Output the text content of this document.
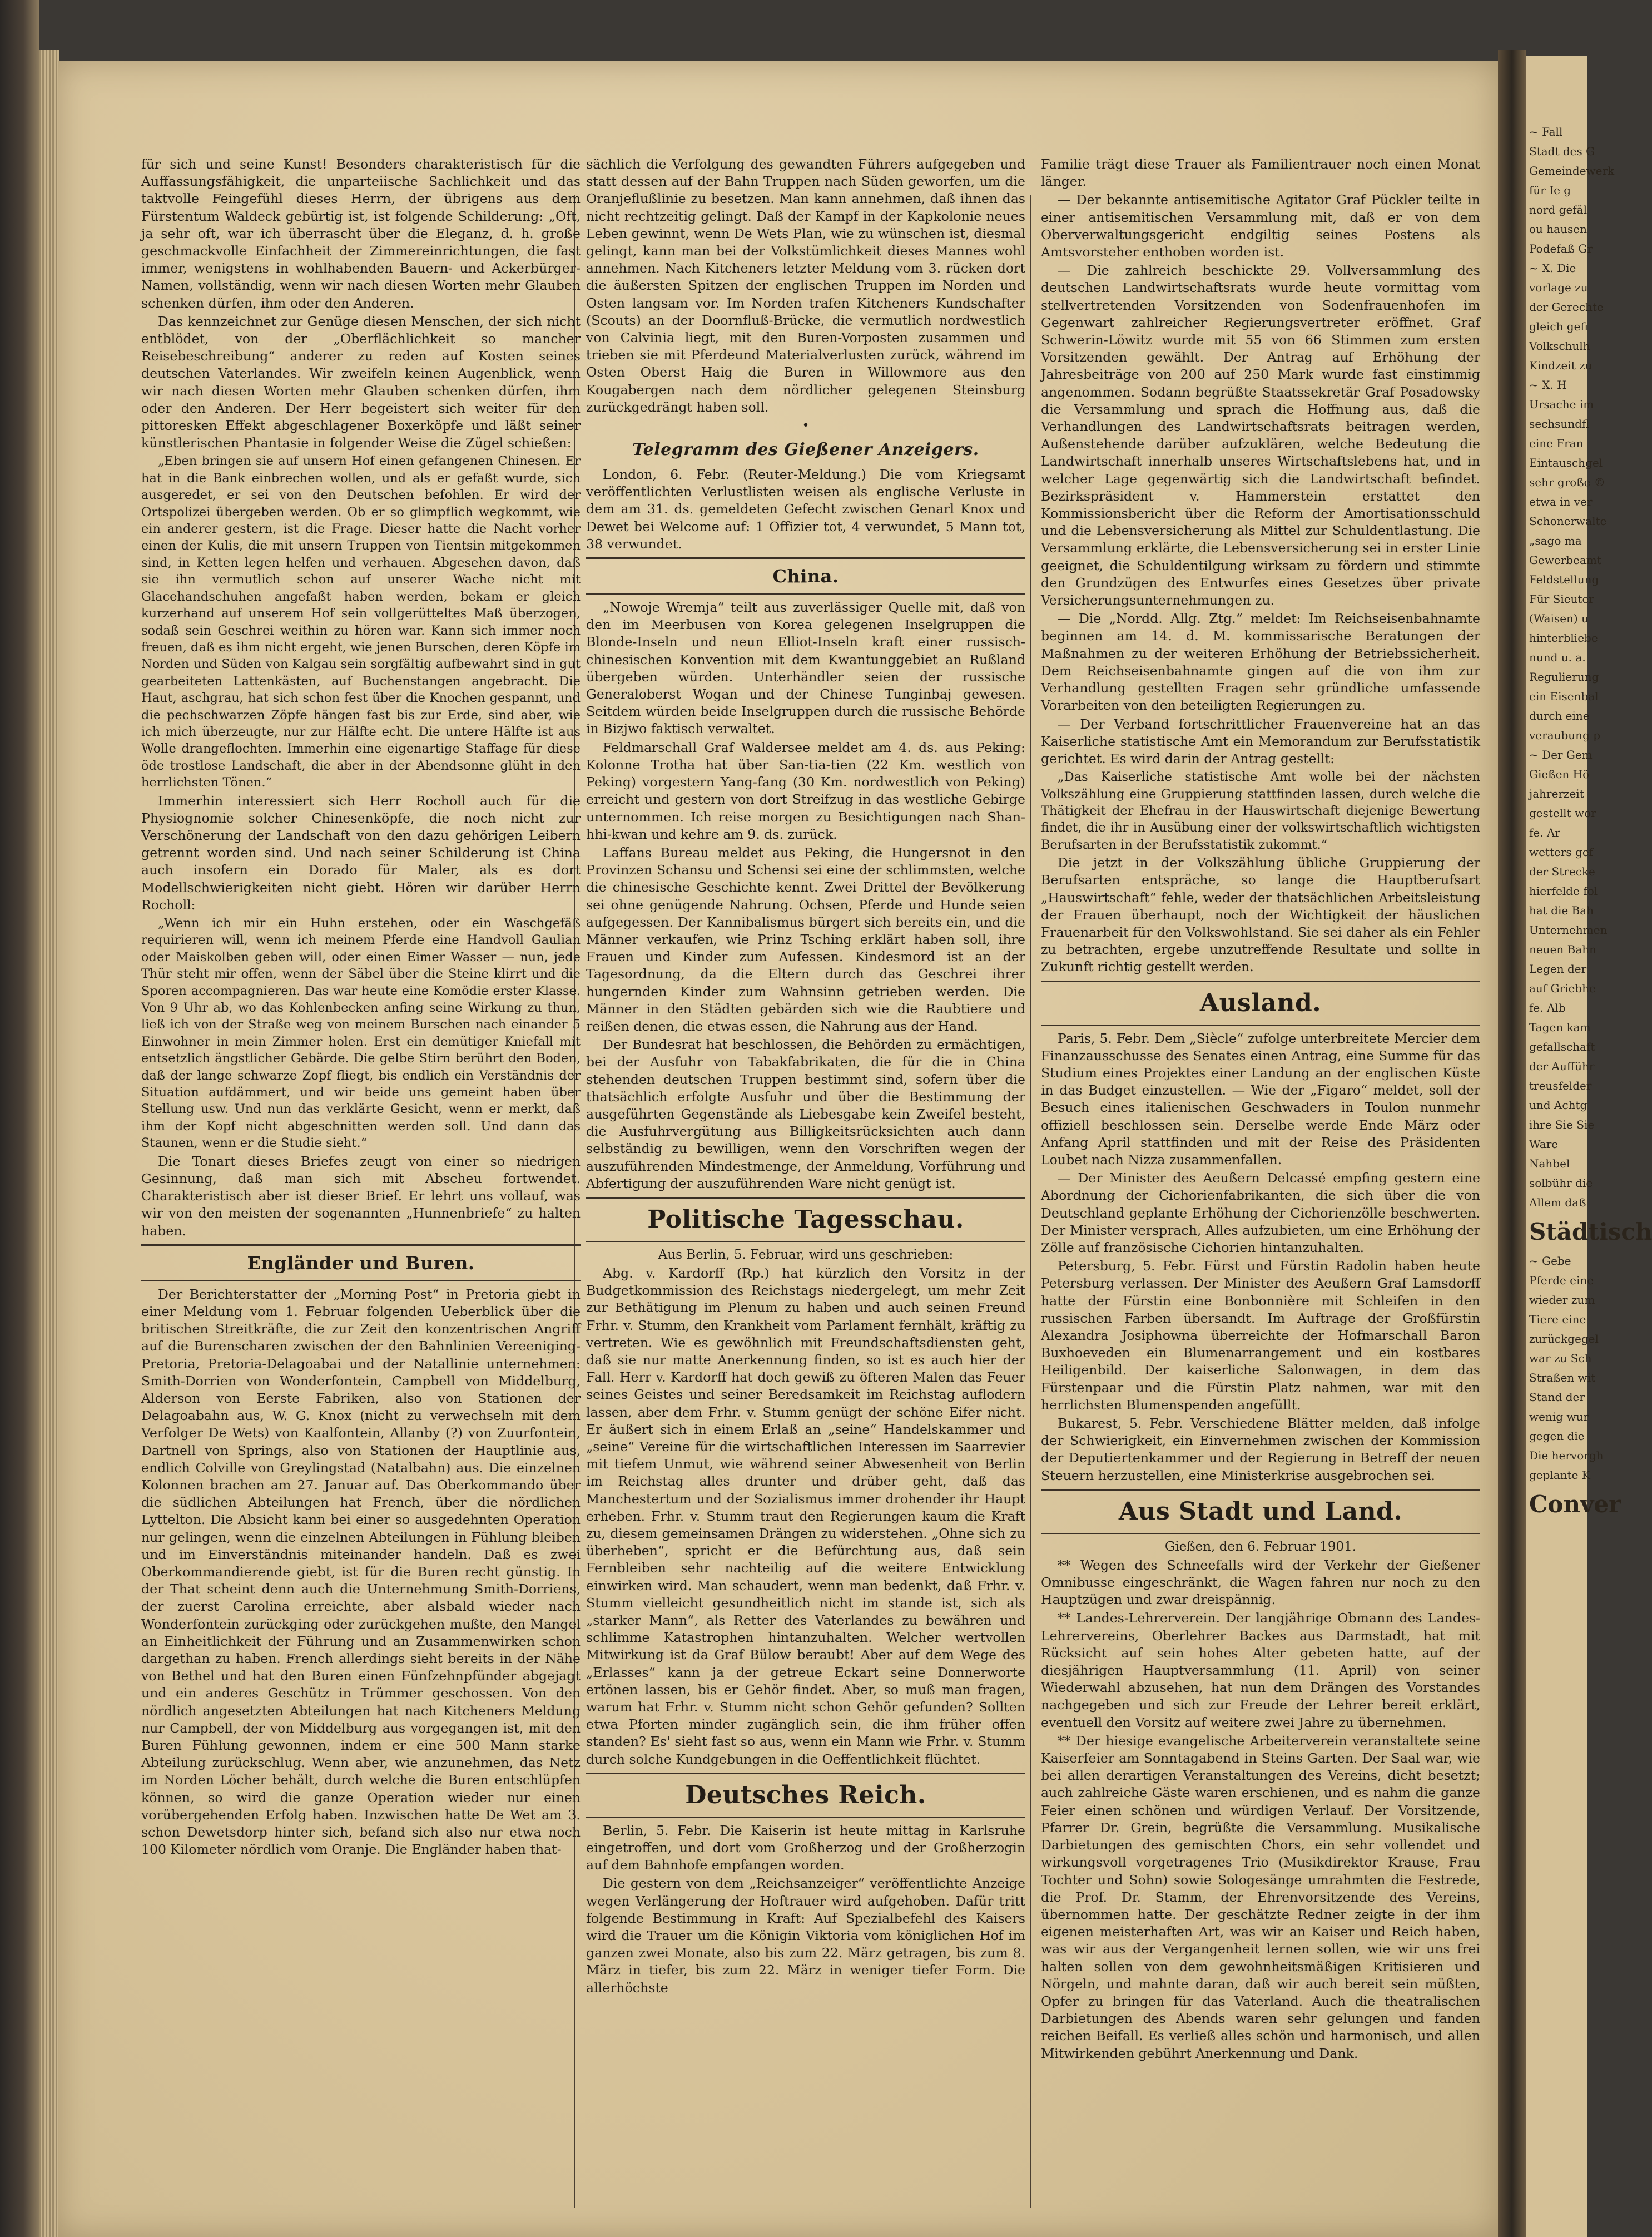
für sich und seine Kunst! Besonders charakteristisch für die Auffassungsfähigkeit, die unparteiische Sachlichkeit und das taktvolle Feingefühl dieses Herrn, der übrigens aus dem Fürstentum Waldeck gebürtig ist, ist folgende Schilderung: „Oft, ja sehr oft, war ich überrascht über die Eleganz, d. h. große geschmackvolle Einfachheit der Zimmereinrichtungen, die fast immer, wenigstens in wohlhabenden Bauern- und Ackerbürger-Namen, vollständig, wenn wir nach diesen Worten mehr Glauben schenken dürfen, ihm oder den Anderen.

Das kennzeichnet zur Genüge diesen Menschen, der sich nicht entblödet, von der „Oberflächlichkeit so mancher Reisebeschreibung“ anderer zu reden auf Kosten seines deutschen Vaterlandes. Wir zweifeln keinen Augenblick, wenn wir nach diesen Worten mehr Glauben schenken dürfen, ihm oder den Anderen. Der Herr begeistert sich weiter für den pittoresken Effekt abgeschlagener Boxerköpfe und läßt seiner künstlerischen Phantasie in folgender Weise die Zügel schießen:

„Eben bringen sie auf unsern Hof einen gefangenen Chinesen. Er hat in die Bank einbrechen wollen, und als er gefaßt wurde, sich ausgeredet, er sei von den Deutschen befohlen. Er wird der Ortspolizei übergeben werden. Ob er so glimpflich wegkommt, wie ein anderer gestern, ist die Frage. Dieser hatte die Nacht vorher einen der Kulis, die mit unsern Truppen von Tientsin mitgekommen sind, in Ketten legen helfen und verhauen. Abgesehen davon, daß sie ihn vermutlich schon auf unserer Wache nicht mit Glacehandschuhen angefaßt haben werden, bekam er gleich kurzerhand auf unserem Hof sein vollgerütteltes Maß überzogen, sodaß sein Geschrei weithin zu hören war. Kann sich immer noch freuen, daß es ihm nicht ergeht, wie jenen Burschen, deren Köpfe im Norden und Süden von Kalgau sein sorgfältig aufbewahrt sind in gut gearbeiteten Lattenkästen, auf Buchenstangen angebracht. Die Haut, aschgrau, hat sich schon fest über die Knochen gespannt, und die pechschwarzen Zöpfe hängen fast bis zur Erde, sind aber, wie ich mich überzeugte, nur zur Hälfte echt. Die untere Hälfte ist aus Wolle drangeflochten. Immerhin eine eigenartige Staffage für diese öde trostlose Landschaft, die aber in der Abendsonne glüht in den herrlichsten Tönen.“

Immerhin interessiert sich Herr Rocholl auch für die Physiognomie solcher Chinesenköpfe, die noch nicht zur Verschönerung der Landschaft von den dazu gehörigen Leibern getrennt worden sind. Und nach seiner Schilderung ist China auch insofern ein Dorado für Maler, als es dort Modellschwierigkeiten nicht giebt. Hören wir darüber Herrn Rocholl:

„Wenn ich mir ein Huhn erstehen, oder ein Waschgefäß requirieren will, wenn ich meinem Pferde eine Handvoll Gaulian oder Maiskolben geben will, oder einen Eimer Wasser — nun, jede Thür steht mir offen, wenn der Säbel über die Steine klirrt und die Sporen accompagnieren. Das war heute eine Komödie erster Klasse. Von 9 Uhr ab, wo das Kohlenbecken anfing seine Wirkung zu thun, ließ ich von der Straße weg von meinem Burschen nach einander 5 Einwohner in mein Zimmer holen. Erst ein demütiger Kniefall mit entsetzlich ängstlicher Gebärde. Die gelbe Stirn berührt den Boden, daß der lange schwarze Zopf fliegt, bis endlich ein Verständnis der Situation aufdämmert, und wir beide uns gemeint haben über Stellung usw. Und nun das verklärte Gesicht, wenn er merkt, daß ihm der Kopf nicht abgeschnitten werden soll. Und dann das Staunen, wenn er die Studie sieht.“

Die Tonart dieses Briefes zeugt von einer so niedrigen Gesinnung, daß man sich mit Abscheu fortwendet. Charakteristisch aber ist dieser Brief. Er lehrt uns vollauf, was wir von den meisten der sogenannten „Hunnenbriefe“ zu halten haben.

Engländer und Buren.

Der Berichterstatter der „Morning Post“ in Pretoria giebt in einer Meldung vom 1. Februar folgenden Ueberblick über die britischen Streitkräfte, die zur Zeit den konzentrischen Angriff auf die Burenscharen zwischen der den Bahnlinien Vereeniging-Pretoria, Pretoria-Delagoabai und der Natallinie unternehmen: Smith-Dorrien von Wonderfontein, Campbell von Middelburg, Alderson von Eerste Fabriken, also von Stationen der Delagoabahn aus, W. G. Knox (nicht zu verwechseln mit dem Verfolger De Wets) von Kaalfontein, Allanby (?) von Zuurfontein, Dartnell von Springs, also von Stationen der Hauptlinie aus, endlich Colville von Greylingstad (Natalbahn) aus. Die einzelnen Kolonnen brachen am 27. Januar auf. Das Oberkommando über die südlichen Abteilungen hat French, über die nördlichen Lyttelton. Die Absicht kann bei einer so ausgedehnten Operation nur gelingen, wenn die einzelnen Abteilungen in Fühlung bleiben und im Einverständnis miteinander handeln. Daß es zwei Oberkommandierende giebt, ist für die Buren recht günstig. In der That scheint denn auch die Unternehmung Smith-Dorriens, der zuerst Carolina erreichte, aber alsbald wieder nach Wonderfontein zurückging oder zurückgehen mußte, den Mangel an Einheitlichkeit der Führung und an Zusammenwirken schon dargethan zu haben. French allerdings sieht bereits in der Nähe von Bethel und hat den Buren einen Fünfzehnpfünder abgejagt und ein anderes Geschütz in Trümmer geschossen. Von den nördlich angesetzten Abteilungen hat nach Kitcheners Meldung nur Campbell, der von Middelburg aus vorgegangen ist, mit den Buren Fühlung gewonnen, indem er eine 500 Mann starke Abteilung zurückschlug. Wenn aber, wie anzunehmen, das Netz im Norden Löcher behält, durch welche die Buren entschlüpfen können, so wird die ganze Operation wieder nur einen vorübergehenden Erfolg haben. Inzwischen hatte De Wet am 3. schon Dewetsdorp hinter sich, befand sich also nur etwa noch 100 Kilometer nördlich vom Oranje. Die Engländer haben that-

sächlich die Verfolgung des gewandten Führers aufgegeben und statt dessen auf der Bahn Truppen nach Süden geworfen, um die Oranjeflußlinie zu besetzen. Man kann annehmen, daß ihnen das nicht rechtzeitig gelingt. Daß der Kampf in der Kapkolonie neues Leben gewinnt, wenn De Wets Plan, wie zu wünschen ist, diesmal gelingt, kann man bei der Volkstümlichkeit dieses Mannes wohl annehmen. Nach Kitcheners letzter Meldung vom 3. rücken dort die äußersten Spitzen der englischen Truppen im Norden und Osten langsam vor. Im Norden trafen Kitcheners Kundschafter (Scouts) an der Doornfluß-Brücke, die vermutlich nordwestlich von Calvinia liegt, mit den Buren-Vorposten zusammen und trieben sie mit Pferdeund Materialverlusten zurück, während im Osten Oberst Haig die Buren in Willowmore aus den Kougabergen nach dem nördlicher gelegenen Steinsburg zurückgedrängt haben soll.

•
Telegramm des Gießener Anzeigers.

London, 6. Febr. (Reuter-Meldung.) Die vom Kriegsamt veröffentlichten Verlustlisten weisen als englische Verluste in dem am 31. ds. gemeldeten Gefecht zwischen Genarl Knox und Dewet bei Welcome auf: 1 Offizier tot, 4 verwundet, 5 Mann tot, 38 verwundet.

China.

„Nowoje Wremja“ teilt aus zuverlässiger Quelle mit, daß von den im Meerbusen von Korea gelegenen Inselgruppen die Blonde-Inseln und neun Elliot-Inseln kraft einer russisch-chinesischen Konvention mit dem Kwantunggebiet an Rußland übergeben würden. Unterhändler seien der russische Generaloberst Wogan und der Chinese Tunginbaj gewesen. Seitdem würden beide Inselgruppen durch die russische Behörde in Bizjwo faktisch verwaltet.

Feldmarschall Graf Waldersee meldet am 4. ds. aus Peking: Kolonne Trotha hat über San-tia-tien (22 Km. westlich von Peking) vorgestern Yang-fang (30 Km. nordwestlich von Peking) erreicht und gestern von dort Streifzug in das westliche Gebirge unternommen. Ich reise morgen zu Besichtigungen nach Shan-hhi-kwan und kehre am 9. ds. zurück.

Laffans Bureau meldet aus Peking, die Hungersnot in den Provinzen Schansu und Schensi sei eine der schlimmsten, welche die chinesische Geschichte kennt. Zwei Drittel der Bevölkerung sei ohne genügende Nahrung. Ochsen, Pferde und Hunde seien aufgegessen. Der Kannibalismus bürgert sich bereits ein, und die Männer verkaufen, wie Prinz Tsching erklärt haben soll, ihre Frauen und Kinder zum Aufessen. Kindesmord ist an der Tagesordnung, da die Eltern durch das Geschrei ihrer hungernden Kinder zum Wahnsinn getrieben werden. Die Männer in den Städten gebärden sich wie die Raubtiere und reißen denen, die etwas essen, die Nahrung aus der Hand.

Der Bundesrat hat beschlossen, die Behörden zu ermächtigen, bei der Ausfuhr von Tabakfabrikaten, die für die in China stehenden deutschen Truppen bestimmt sind, sofern über die thatsächlich erfolgte Ausfuhr und über die Bestimmung der ausgeführten Gegenstände als Liebesgabe kein Zweifel besteht, die Ausfuhrvergütung aus Billigkeitsrücksichten auch dann selbständig zu bewilligen, wenn den Vorschriften wegen der auszuführenden Mindestmenge, der Anmeldung, Vorführung und Abfertigung der auszuführenden Ware nicht genügt ist.

Politische Tagesschau.
Aus Berlin, 5. Februar, wird uns geschrieben:

Abg. v. Kardorff (Rp.) hat kürzlich den Vorsitz in der Budgetkommission des Reichstags niedergelegt, um mehr Zeit zur Bethätigung im Plenum zu haben und auch seinen Freund Frhr. v. Stumm, den Krankheit vom Parlament fernhält, kräftig zu vertreten. Wie es gewöhnlich mit Freundschaftsdiensten geht, daß sie nur matte Anerkennung finden, so ist es auch hier der Fall. Herr v. Kardorff hat doch gewiß zu öfteren Malen das Feuer seines Geistes und seiner Beredsamkeit im Reichstag auflodern lassen, aber dem Frhr. v. Stumm genügt der schöne Eifer nicht. Er äußert sich in einem Erlaß an „seine“ Handelskammer und „seine“ Vereine für die wirtschaftlichen Interessen im Saarrevier mit tiefem Unmut, wie während seiner Abwesenheit von Berlin im Reichstag alles drunter und drüber geht, daß das Manchestertum und der Sozialismus immer drohender ihr Haupt erheben. Frhr. v. Stumm traut den Regierungen kaum die Kraft zu, diesem gemeinsamen Drängen zu widerstehen. „Ohne sich zu überheben“, spricht er die Befürchtung aus, daß sein Fernbleiben sehr nachteilig auf die weitere Entwicklung einwirken wird. Man schaudert, wenn man bedenkt, daß Frhr. v. Stumm vielleicht gesundheitlich nicht im stande ist, sich als „starker Mann“, als Retter des Vaterlandes zu bewähren und schlimme Katastrophen hintanzuhalten. Welcher wertvollen Mitwirkung ist da Graf Bülow beraubt! Aber auf dem Wege des „Erlasses“ kann ja der getreue Eckart seine Donnerworte ertönen lassen, bis er Gehör findet. Aber, so muß man fragen, warum hat Frhr. v. Stumm nicht schon Gehör gefunden? Sollten etwa Pforten minder zugänglich sein, die ihm früher offen standen? Es' sieht fast so aus, wenn ein Mann wie Frhr. v. Stumm durch solche Kundgebungen in die Oeffentlichkeit flüchtet.

Deutsches Reich.

Berlin, 5. Febr. Die Kaiserin ist heute mittag in Karlsruhe eingetroffen, und dort vom Großherzog und der Großherzogin auf dem Bahnhofe empfangen worden.

Die gestern von dem „Reichsanzeiger“ veröffentlichte Anzeige wegen Verlängerung der Hoftrauer wird aufgehoben. Dafür tritt folgende Bestimmung in Kraft: Auf Spezialbefehl des Kaisers wird die Trauer um die Königin Viktoria vom königlichen Hof im ganzen zwei Monate, also bis zum 22. März getragen, bis zum 8. März in tiefer, bis zum 22. März in weniger tiefer Form. Die allerhöchste

Familie trägt diese Trauer als Familientrauer noch einen Monat länger.

— Der bekannte antisemitische Agitator Graf Pückler teilte in einer antisemitischen Versammlung mit, daß er von dem Oberverwaltungsgericht endgiltig seines Postens als Amtsvorsteher enthoben worden ist.

— Die zahlreich beschickte 29. Vollversammlung des deutschen Landwirtschaftsrats wurde heute vormittag vom stellvertretenden Vorsitzenden von Sodenfrauenhofen im Gegenwart zahlreicher Regierungsvertreter eröffnet. Graf Schwerin-Löwitz wurde mit 55 von 66 Stimmen zum ersten Vorsitzenden gewählt. Der Antrag auf Erhöhung der Jahresbeiträge von 200 auf 250 Mark wurde fast einstimmig angenommen. Sodann begrüßte Staatssekretär Graf Posadowsky die Versammlung und sprach die Hoffnung aus, daß die Verhandlungen des Landwirtschaftsrats beitragen werden, Außenstehende darüber aufzuklären, welche Bedeutung die Landwirtschaft innerhalb unseres Wirtschaftslebens hat, und in welcher Lage gegenwärtig sich die Landwirtschaft befindet. Bezirkspräsident v. Hammerstein erstattet den Kommissionsbericht über die Reform der Amortisationsschuld und die Lebensversicherung als Mittel zur Schuldentlastung. Die Versammlung erklärte, die Lebensversicherung sei in erster Linie geeignet, die Schuldentilgung wirksam zu fördern und stimmte den Grundzügen des Entwurfes eines Gesetzes über private Versicherungsunternehmungen zu.

— Die „Nordd. Allg. Ztg.“ meldet: Im Reichseisenbahnamte beginnen am 14. d. M. kommissarische Beratungen der Maßnahmen zu der weiteren Erhöhung der Betriebssicherheit. Dem Reichseisenbahnamte gingen auf die von ihm zur Verhandlung gestellten Fragen sehr gründliche umfassende Vorarbeiten von den beteiligten Regierungen zu.

— Der Verband fortschrittlicher Frauenvereine hat an das Kaiserliche statistische Amt ein Memorandum zur Berufsstatistik gerichtet. Es wird darin der Antrag gestellt:

„Das Kaiserliche statistische Amt wolle bei der nächsten Volkszählung eine Gruppierung stattfinden lassen, durch welche die Thätigkeit der Ehefrau in der Hauswirtschaft diejenige Bewertung findet, die ihr in Ausübung einer der volkswirtschaftlich wichtigsten Berufsarten in der Berufsstatistik zukommt.“

Die jetzt in der Volkszählung übliche Gruppierung der Berufsarten entspräche, so lange die Hauptberufsart „Hauswirtschaft“ fehle, weder der thatsächlichen Arbeitsleistung der Frauen überhaupt, noch der Wichtigkeit der häuslichen Frauenarbeit für den Volkswohlstand. Sie sei daher als ein Fehler zu betrachten, ergebe unzutreffende Resultate und sollte in Zukunft richtig gestellt werden.

Ausland.

Paris, 5. Febr. Dem „Siècle“ zufolge unterbreitete Mercier dem Finanzausschusse des Senates einen Antrag, eine Summe für das Studium eines Projektes einer Landung an der englischen Küste in das Budget einzustellen. — Wie der „Figaro“ meldet, soll der Besuch eines italienischen Geschwaders in Toulon nunmehr offiziell beschlossen sein. Derselbe werde Ende März oder Anfang April stattfinden und mit der Reise des Präsidenten Loubet nach Nizza zusammenfallen.

— Der Minister des Aeußern Delcassé empfing gestern eine Abordnung der Cichorienfabrikanten, die sich über die von Deutschland geplante Erhöhung der Cichorienzölle beschwerten. Der Minister versprach, Alles aufzubieten, um eine Erhöhung der Zölle auf französische Cichorien hintanzuhalten.

Petersburg, 5. Febr. Fürst und Fürstin Radolin haben heute Petersburg verlassen. Der Minister des Aeußern Graf Lamsdorff hatte der Fürstin eine Bonbonnière mit Schleifen in den russischen Farben übersandt. Im Auftrage der Großfürstin Alexandra Josiphowna überreichte der Hofmarschall Baron Buxhoeveden ein Blumenarrangement und ein kostbares Heiligenbild. Der kaiserliche Salonwagen, in dem das Fürstenpaar und die Fürstin Platz nahmen, war mit den herrlichsten Blumenspenden angefüllt.

Bukarest, 5. Febr. Verschiedene Blätter melden, daß infolge der Schwierigkeit, ein Einvernehmen zwischen der Kommission der Deputiertenkammer und der Regierung in Betreff der neuen Steuern herzustellen, eine Ministerkrise ausgebrochen sei.

Aus Stadt und Land.
Gießen, den 6. Februar 1901.

** Wegen des Schneefalls wird der Verkehr der Gießener Omnibusse eingeschränkt, die Wagen fahren nur noch zu den Hauptzügen und zwar dreispännig.

** Landes-Lehrerverein. Der langjährige Obmann des Landes-Lehrervereins, Oberlehrer Backes aus Darmstadt, hat mit Rücksicht auf sein hohes Alter gebeten hatte, auf der diesjährigen Hauptversammlung (11. April) von seiner Wiederwahl abzusehen, hat nun dem Drängen des Vorstandes nachgegeben und sich zur Freude der Lehrer bereit erklärt, eventuell den Vorsitz auf weitere zwei Jahre zu übernehmen.

** Der hiesige evangelische Arbeiterverein veranstaltete seine Kaiserfeier am Sonntagabend in Steins Garten. Der Saal war, wie bei allen derartigen Veranstaltungen des Vereins, dicht besetzt; auch zahlreiche Gäste waren erschienen, und es nahm die ganze Feier einen schönen und würdigen Verlauf. Der Vorsitzende, Pfarrer Dr. Grein, begrüßte die Versammlung. Musikalische Darbietungen des gemischten Chors, ein sehr vollendet und wirkungsvoll vorgetragenes Trio (Musikdirektor Krause, Frau Tochter und Sohn) sowie Sologesänge umrahmten die Festrede, die Prof. Dr. Stamm, der Ehrenvorsitzende des Vereins, übernommen hatte. Der geschätzte Redner zeigte in der ihm eigenen meisterhaften Art, was wir an Kaiser und Reich haben, was wir aus der Vergangenheit lernen sollen, wie wir uns frei halten sollen von dem gewohnheitsmäßigen Kritisieren und Nörgeln, und mahnte daran, daß wir auch bereit sein müßten, Opfer zu bringen für das Vaterland. Auch die theatralischen Darbietungen des Abends waren sehr gelungen und fanden reichen Beifall. Es verließ alles schön und harmonisch, und allen Mitwirkenden gebührt Anerkennung und Dank.

~ Fall
Stadt des G
Gemeindewerk
für Ie g
nord gefäl
ou hausen
Podefaß Gr
~ X. Die
vorlage zu
der Gerechte
gleich gefi
Volkschulh
Kindzeit zu
~ X. H
Ursache im
sechsundfl
eine Fran
Eintauschgel
sehr große ©
etwa in ver
Schonerwalte
„sago ma
Gewerbeamt
Feldstellung
Für Sieuter
(Waisen) u
hinterbliebe
nund u. a.
Regulierung
ein Eisenbal
durch eine
veraubung p
~ Der Gem
Gießen Hö
jahrerzeit
gestellt wor
fe. Ar
wetters gef
der Strecke
hierfelde fol
hat die Bah
Unternehmen
neuen Bahn
Legen der
auf Griebhe
fe. Alb
Tagen kam
gefallschaft
der Aufführ
treusfelder
und Achtg
ihre Sie Sie
Ware
Nahbel
solbühr die
Allem daß
Städtisch
~ Gebe
Pferde eine
wieder zum
Tiere eine
zurückgegel
war zu Sch
Straßen wit
Stand der
wenig wur
gegen die
Die hervorgh
geplante K
Conver
